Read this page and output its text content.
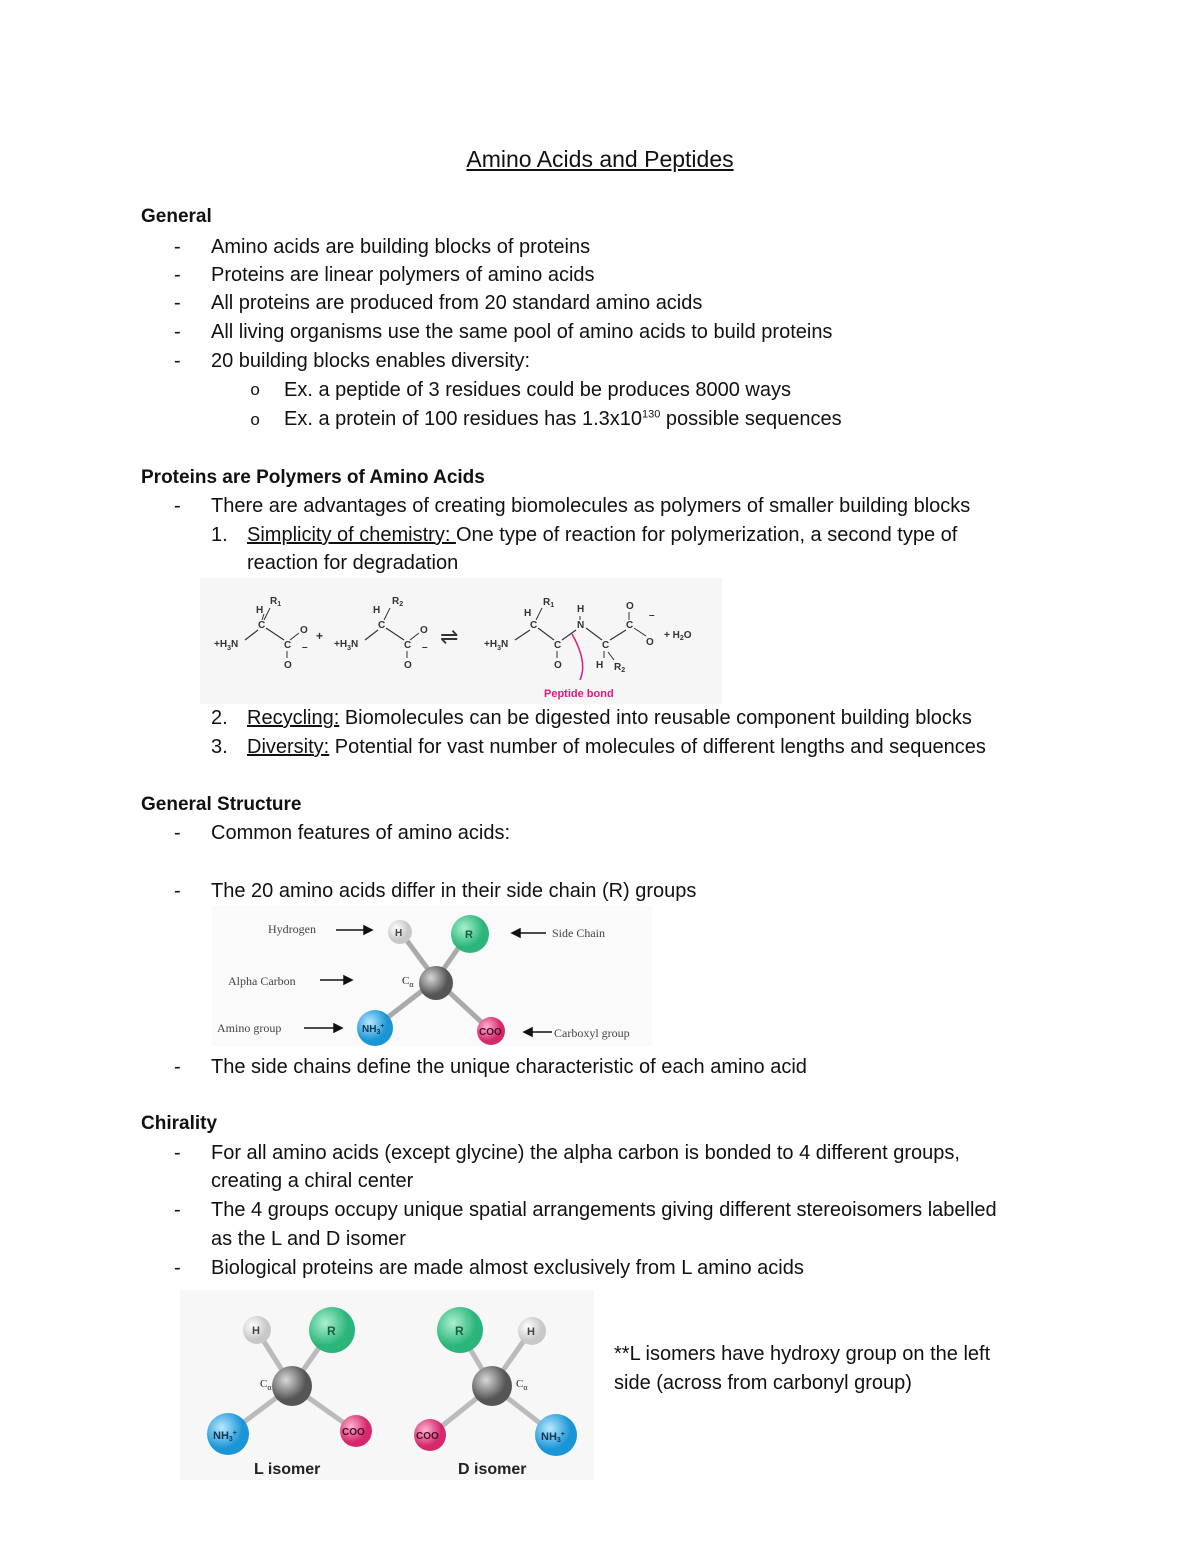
Amino Acids and Peptides
General
- Amino acids are building blocks of proteins
- Proteins are linear polymers of amino acids
- All proteins are produced from 20 standard amino acids
- All living organisms use the same pool of amino acids to build proteins
- 20 building blocks enables diversity:
o Ex. a peptide of 3 residues could be produces 8000 ways
o Ex. a protein of 100 residues has $1.3x10^{130}$ possible sequences
Proteins are Polymers of Amino Acids
- There are advantages of creating biomolecules as polymers of smaller building blocks
1. Simplicity of chemistry: One type of reaction for polymerization, a second type of
reaction for degradation
$+H_3N$
C
H
$R_1$
C
O
–
O
+
$+H_3N$
C
H
$R_2$
C
O
–
O
⇌	$+H_3N$
C
H
$R_1$
C
O
N
H
C
H $R_2$
C
O
–
O
+ $H_2O$
Peptide bond
2. Recycling: Biomolecules can be digested into reusable component building blocks
3. Diversity: Potential for vast number of molecules of different lengths and sequences
General Structure
- Common features of amino acids:
- The 20 amino acids differ in their side chain (R) groups
H	R
$C_\alpha$
$NH_3^+$
COO
Hydrogen
Alpha Carbon
Amino group
Side Chain
Carboxyl group
- The side chains define the unique characteristic of each amino acid
Chirality
- For all amino acids (except glycine) the alpha carbon is bonded to 4 different groups,
creating a chiral center
- The 4 groups occupy unique spatial arrangements giving different stereoisomers labelled
as the L and D isomer
- Biological proteins are made almost exclusively from L amino acids
H	R
$C_\alpha$
NH3+	COO
L isomer
R	H
$C_\alpha$
COO	NH3+
D isomer
**L isomers have hydroxy group on the left
side (across from carbonyl group)
